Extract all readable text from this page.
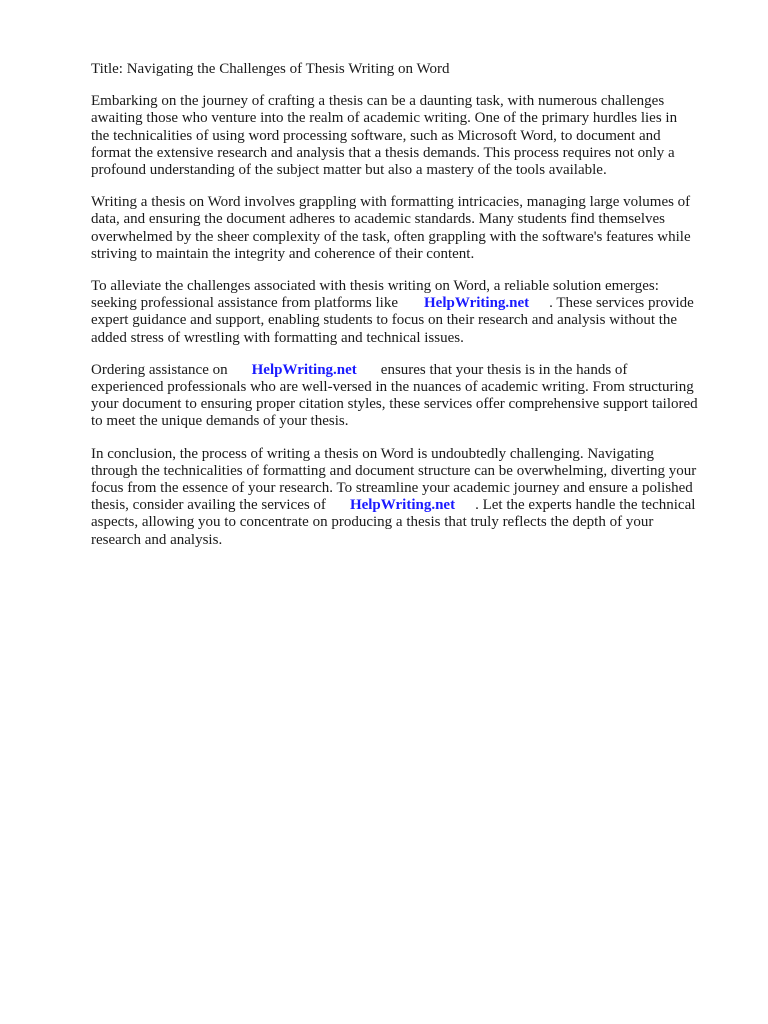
Title: Navigating the Challenges of Thesis Writing on Word
Embarking on the journey of crafting a thesis can be a daunting task, with numerous challenges
awaiting those who venture into the realm of academic writing. One of the primary hurdles lies in
the technicalities of using word processing software, such as Microsoft Word, to document and
format the extensive research and analysis that a thesis demands. This process requires not only a
profound understanding of the subject matter but also a mastery of the tools available.
Writing a thesis on Word involves grappling with formatting intricacies, managing large volumes of
data, and ensuring the document adheres to academic standards. Many students find themselves
overwhelmed by the sheer complexity of the task, often grappling with the software's features while
striving to maintain the integrity and coherence of their content.
To alleviate the challenges associated with thesis writing on Word, a reliable solution emerges:
seeking professional assistance from platforms like HelpWriting.net . These services provide
expert guidance and support, enabling students to focus on their research and analysis without the
added stress of wrestling with formatting and technical issues.
Ordering assistance on HelpWriting.net ensures that your thesis is in the hands of
experienced professionals who are well-versed in the nuances of academic writing. From structuring
your document to ensuring proper citation styles, these services offer comprehensive support tailored
to meet the unique demands of your thesis.
In conclusion, the process of writing a thesis on Word is undoubtedly challenging. Navigating
through the technicalities of formatting and document structure can be overwhelming, diverting your
focus from the essence of your research. To streamline your academic journey and ensure a polished
thesis, consider availing the services of HelpWriting.net . Let the experts handle the technical
aspects, allowing you to concentrate on producing a thesis that truly reflects the depth of your
research and analysis.
